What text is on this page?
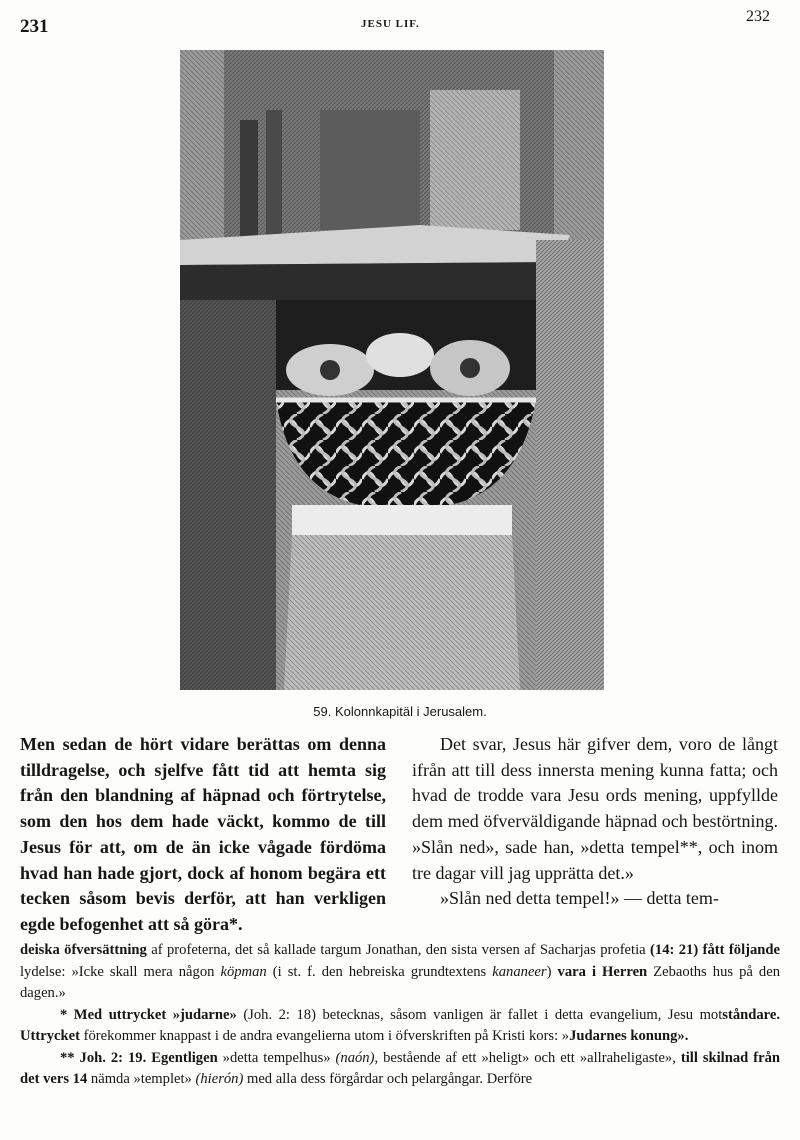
231	JESU LIF.	232
59. Kolonnkapitäl i Jerusalem.

Men sedan de hört vidare berättas om denna tilldragelse, och sjelfve fått tid att hemta sig från den blandning af häpnad och förtrytelse, som den hos dem hade väckt, kommo de till Jesus för att, om de än icke vågade fördöma hvad han hade gjort, dock af honom begära ett tecken såsom bevis derför, att han verkligen egde befogenhet att så göra*.

Det svar, Jesus här gifver dem, voro de långt ifrån att till dess innersta mening kunna fatta; och hvad de trodde vara Jesu ords mening, uppfyllde dem med öfverväldigande häpnad och bestörtning. »Slån ned», sade han, »detta tempel**, och inom tre dagar vill jag upprätta det.»

»Slån ned detta tempel!» — detta tem-

deiska öfversättning af profeterna, det så kallade targum Jonathan, den sista versen af Sacharjas profetia (14: 21) fått följande lydelse: »Icke skall mera någon köpman (i st. f. den hebreiska grundtextens kananeer) vara i Herren Zebaoths hus på den dagen.»

* Med uttrycket »judarne» (Joh. 2: 18) betecknas, såsom vanligen är fallet i detta evangelium, Jesu motståndare. Uttrycket förekommer knappast i de andra evangelierna utom i öfverskriften på Kristi kors: »Judarnes konung».

** Joh. 2: 19. Egentligen »detta tempelhus» (naón), bestående af ett »heligt» och ett »allraheligaste», till skilnad från det vers 14 nämda »templet» (hierón) med alla dess förgårdar och pelargångar. Derföre
